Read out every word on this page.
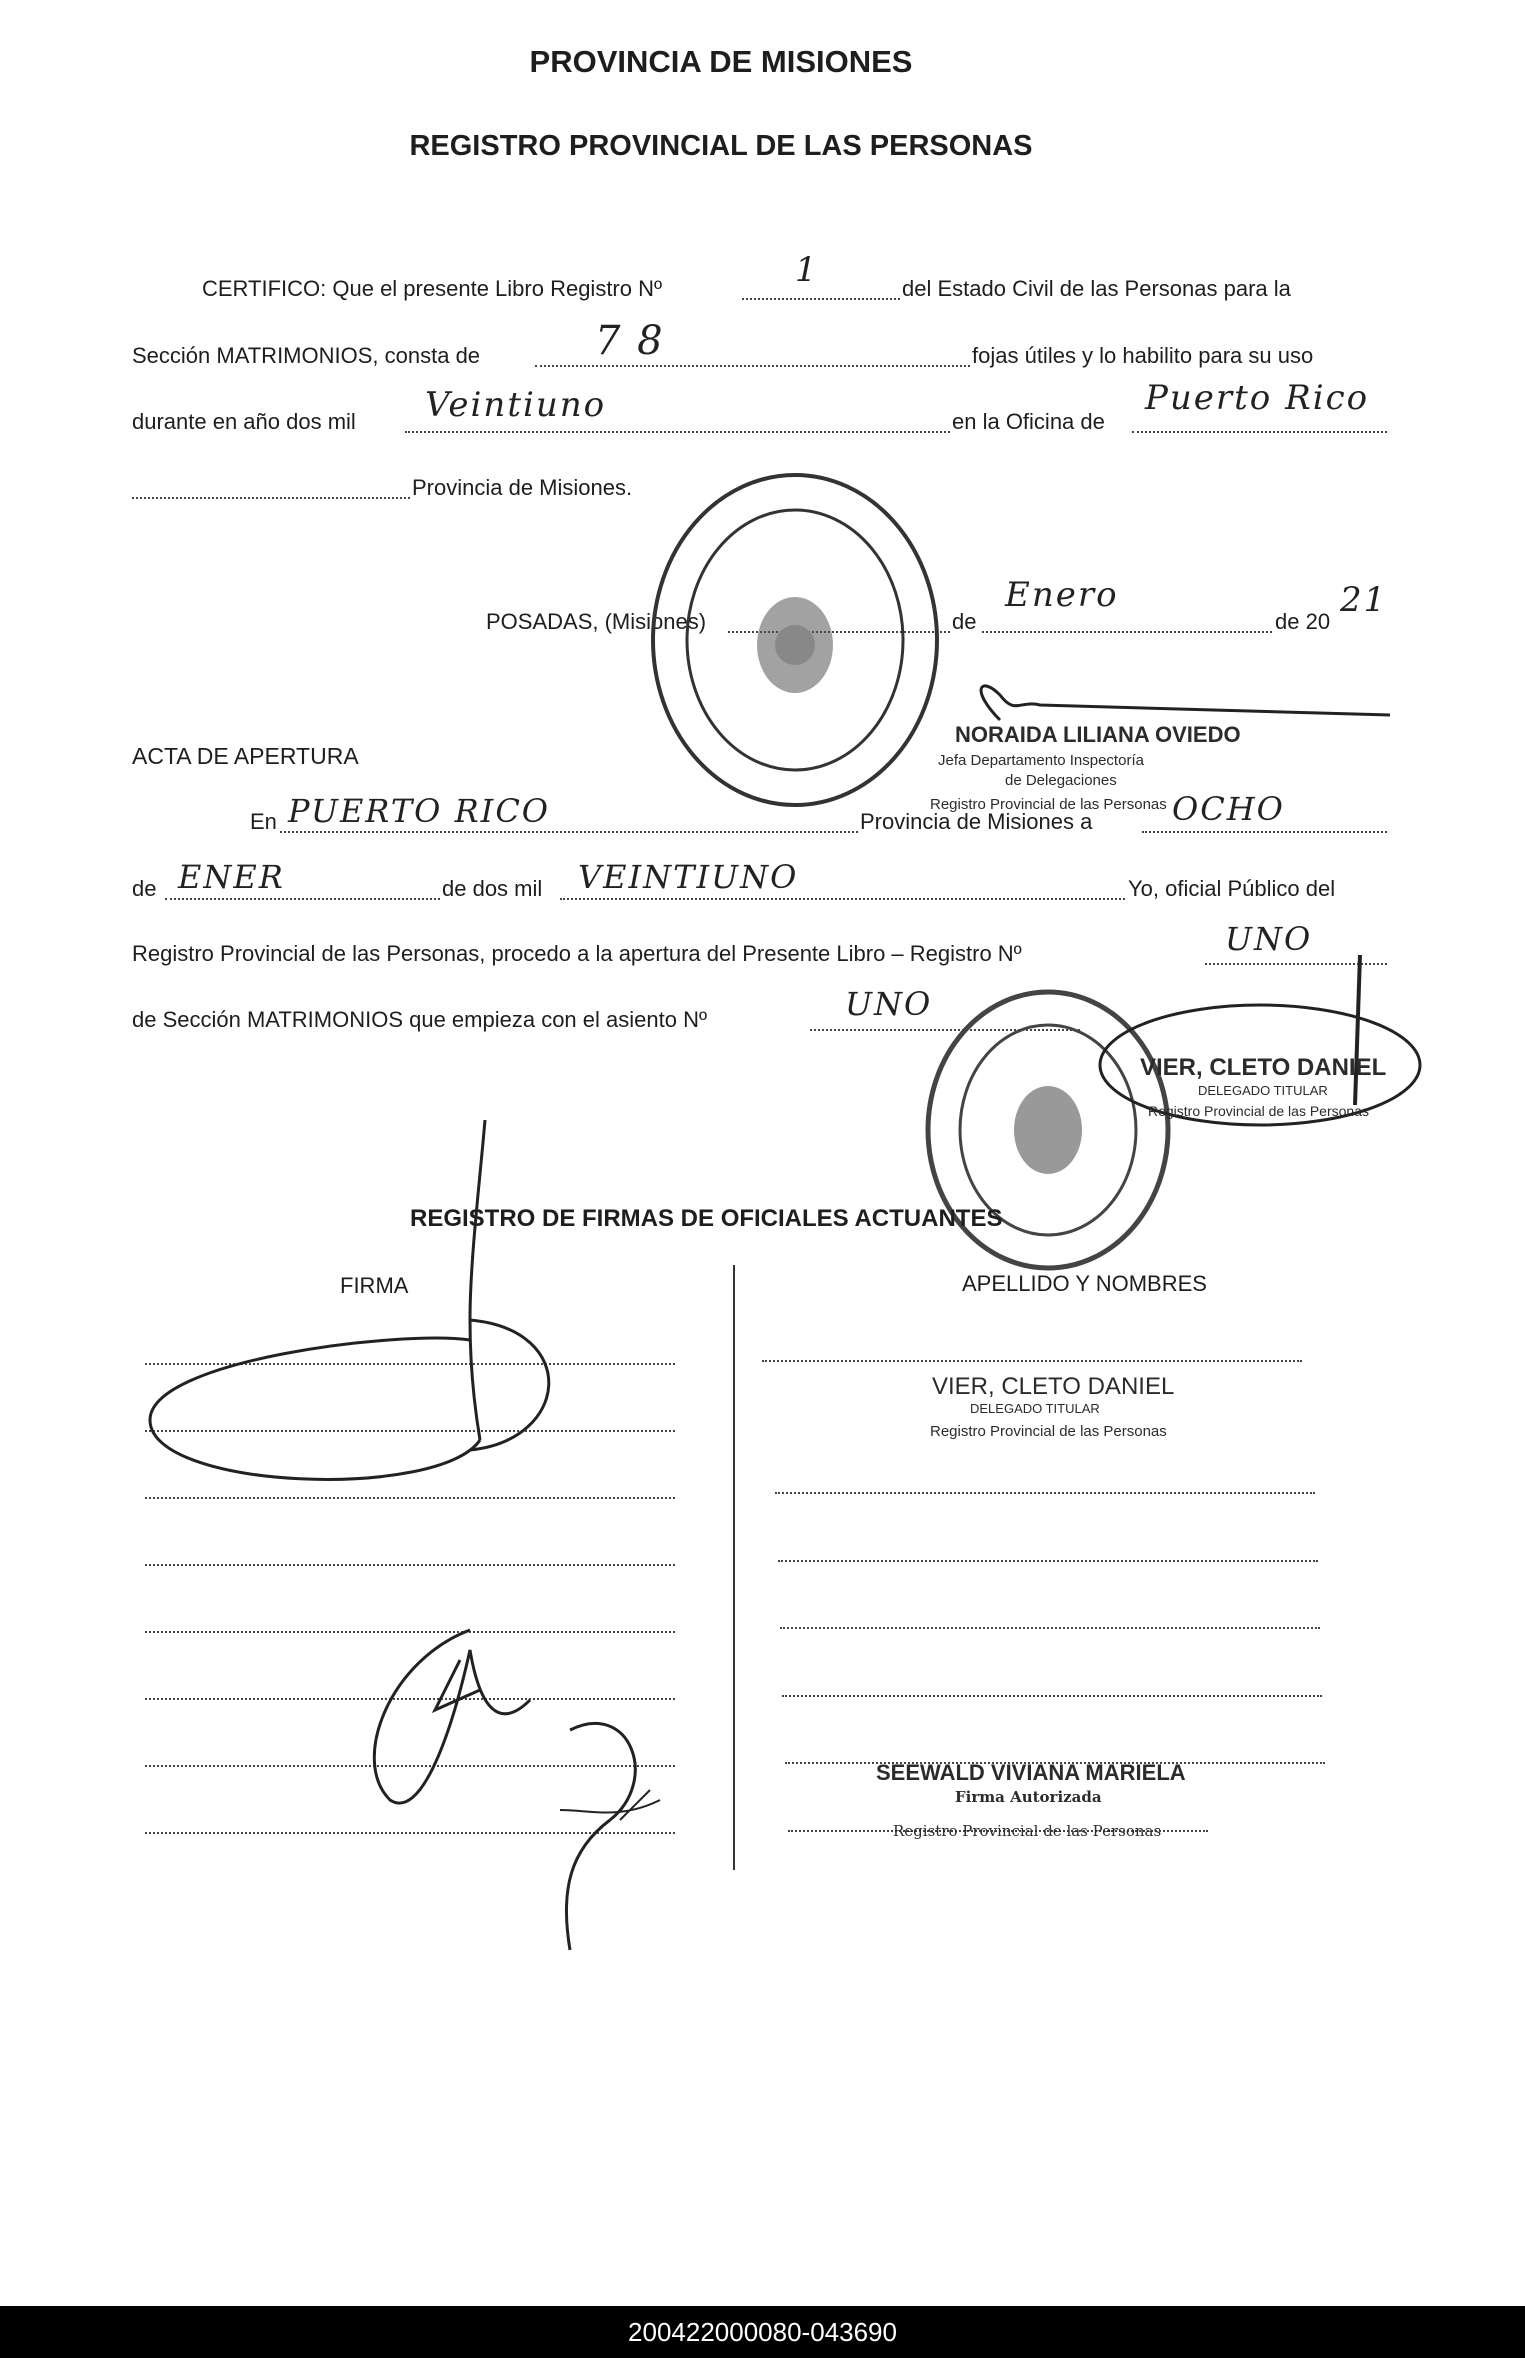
PROVINCIA DE MISIONES
REGISTRO PROVINCIAL DE LAS PERSONAS
CERTIFICO: Que el presente Libro Registro Nº	1	del Estado Civil de las Personas para la
Sección MATRIMONIOS, consta de	7 8	fojas útiles y lo habilito para su uso
durante en año dos mil Veintiuno	en la Oficina de
Puerto Rico
Provincia de Misiones.
POSADAS, (Misiones)	de
Enero
de 20
21
NORAIDA LILIANA OVIEDO
Jefa Departamento Inspectoría
de Delegaciones
Registro Provincial de las Personas
ACTA DE APERTURA
En PUERTO RICO	Provincia de Misiones a OCHO
de ENER	de dos mil VEINTIUNO	Yo, oficial Público del
Registro Provincial de las Personas, procedo a la apertura del Presente Libro – Registro Nº	UNO
de Sección MATRIMONIOS que empieza con el asiento Nº	UNO
VIER, CLETO DANIEL
DELEGADO TITULAR
Registro Provincial de las Personas
REGISTRO DE FIRMAS DE OFICIALES ACTUANTES
FIRMA	APELLIDO Y NOMBRES
VIER, CLETO DANIEL
DELEGADO TITULAR
Registro Provincial de las Personas
SEEWALD VIVIANA MARIELA
Firma Autorizada
Registro Provincial de las Personas
200422000080-043690
